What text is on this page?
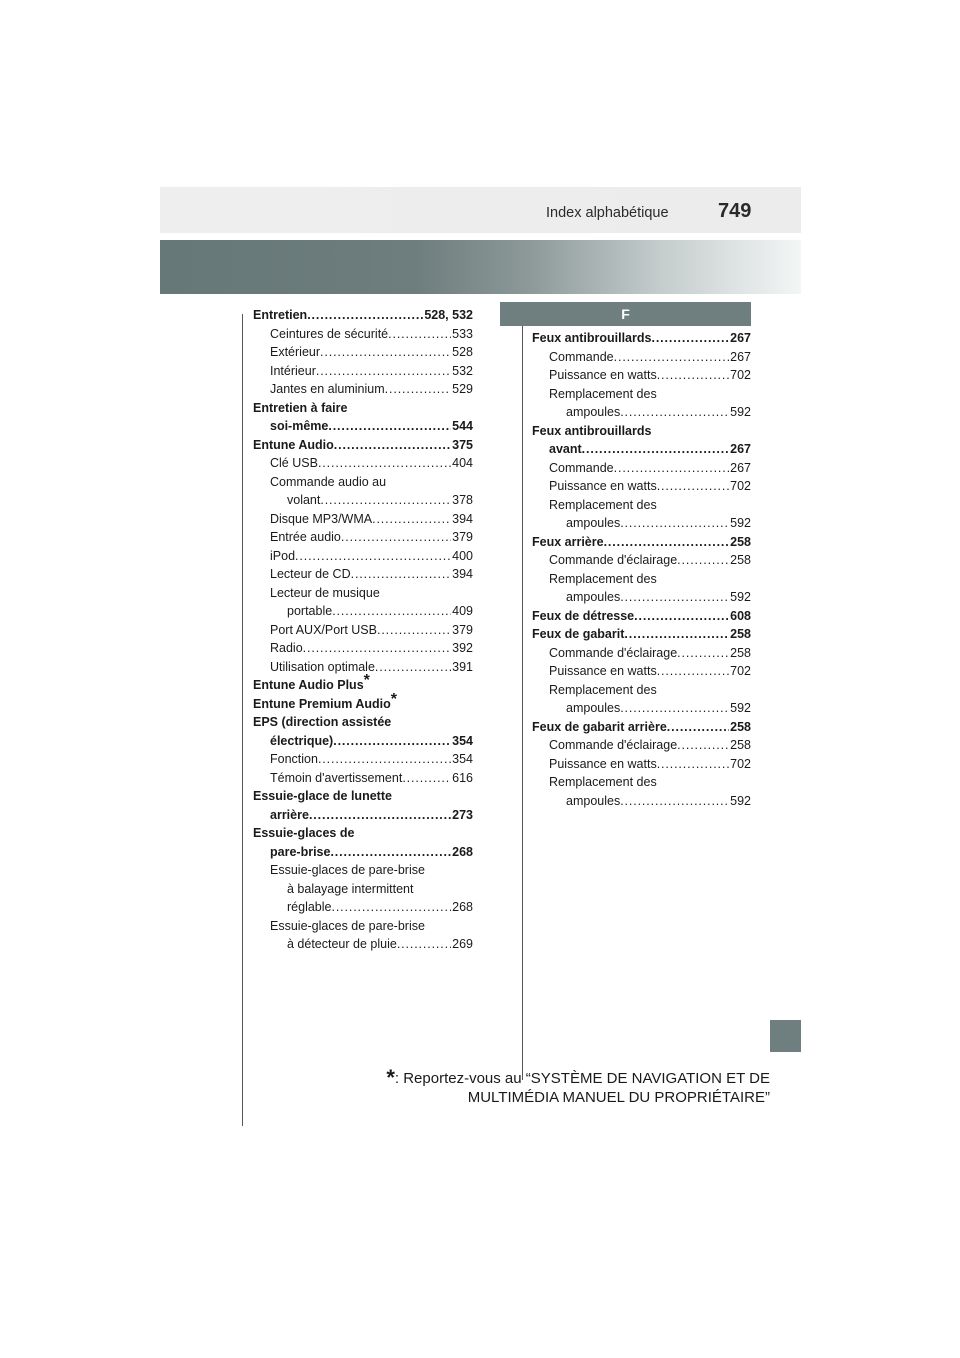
Index alphabétique 749
F
Entretien . . .	528, 532
Ceintures de sécurité . . .	533
Extérieur . . .	528
Intérieur . . .	532
Jantes en aluminium . . .	529
Entretien à faire
soi-même . . .	544
Entune Audio . . .	375
Clé USB . . .	404
Commande audio au
volant . . .	378
Disque MP3/WMA . . .	394
Entrée audio . . .	379
iPod . . .	400
Lecteur de CD . . .	394
Lecteur de musique
portable . . .	409
Port AUX/Port USB . . .	379
Radio . . .	392
Utilisation optimale . . .	391
Entune Audio Plus*
Entune Premium Audio*
EPS (direction assistée
électrique) . . .	354
Fonction . . .	354
Témoin d'avertissement . . .	616
Essuie-glace de lunette
arrière . . .	273
Essuie-glaces de
pare-brise . . .	268
Essuie-glaces de pare-brise
à balayage intermittent
réglable . . .	268
Essuie-glaces de pare-brise
à détecteur de pluie . . .	269
Feux antibrouillards . . .	267
Commande . . .	267
Puissance en watts . . .	702
Remplacement des
ampoules . . .	592
Feux antibrouillards
avant . . .	267
Commande . . .	267
Puissance en watts . . .	702
Remplacement des
ampoules . . .	592
Feux arrière . . .	258
Commande d'éclairage . . .	258
Remplacement des
ampoules . . .	592
Feux de détresse . . .	608
Feux de gabarit . . .	258
Commande d'éclairage . . .	258
Puissance en watts . . .	702
Remplacement des
ampoules . . .	592
Feux de gabarit arrière . . .	258
Commande d'éclairage . . .	258
Puissance en watts . . .	702
Remplacement des
ampoules . . .	592
*: Reportez-vous au “SYSTÈME DE NAVIGATION ET DE
MULTIMÉDIA MANUEL DU PROPRIÉTAIRE”
